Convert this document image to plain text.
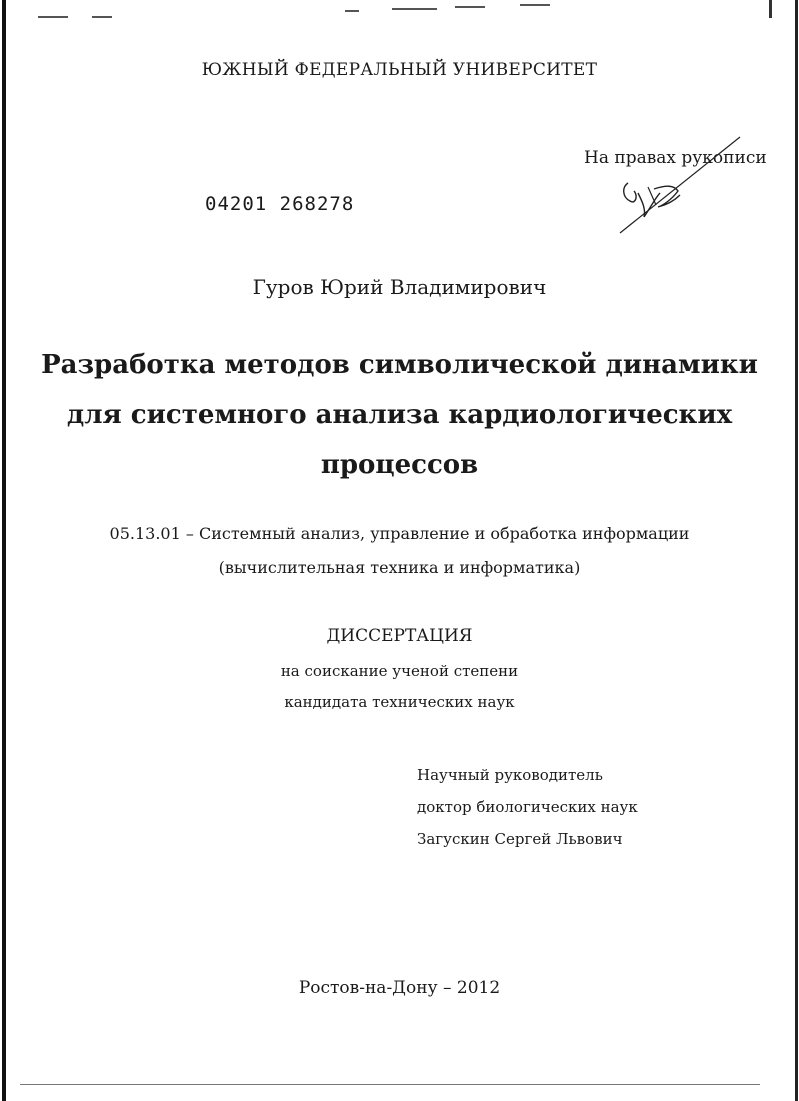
ЮЖНЫЙ ФЕДЕРАЛЬНЫЙ УНИВЕРСИТЕТ
На правах рукописи
04201 268278
Гуров Юрий Владимирович
Разработка методов символической динамики
для системного анализа кардиологических
процессов
05.13.01 – Системный анализ, управление и обработка информации
(вычислительная техника и информатика)
ДИССЕРТАЦИЯ
на соискание ученой степени
кандидата технических наук
Научный руководитель
доктор биологических наук
Загускин Сергей Львович
Ростов-на-Дону – 2012
